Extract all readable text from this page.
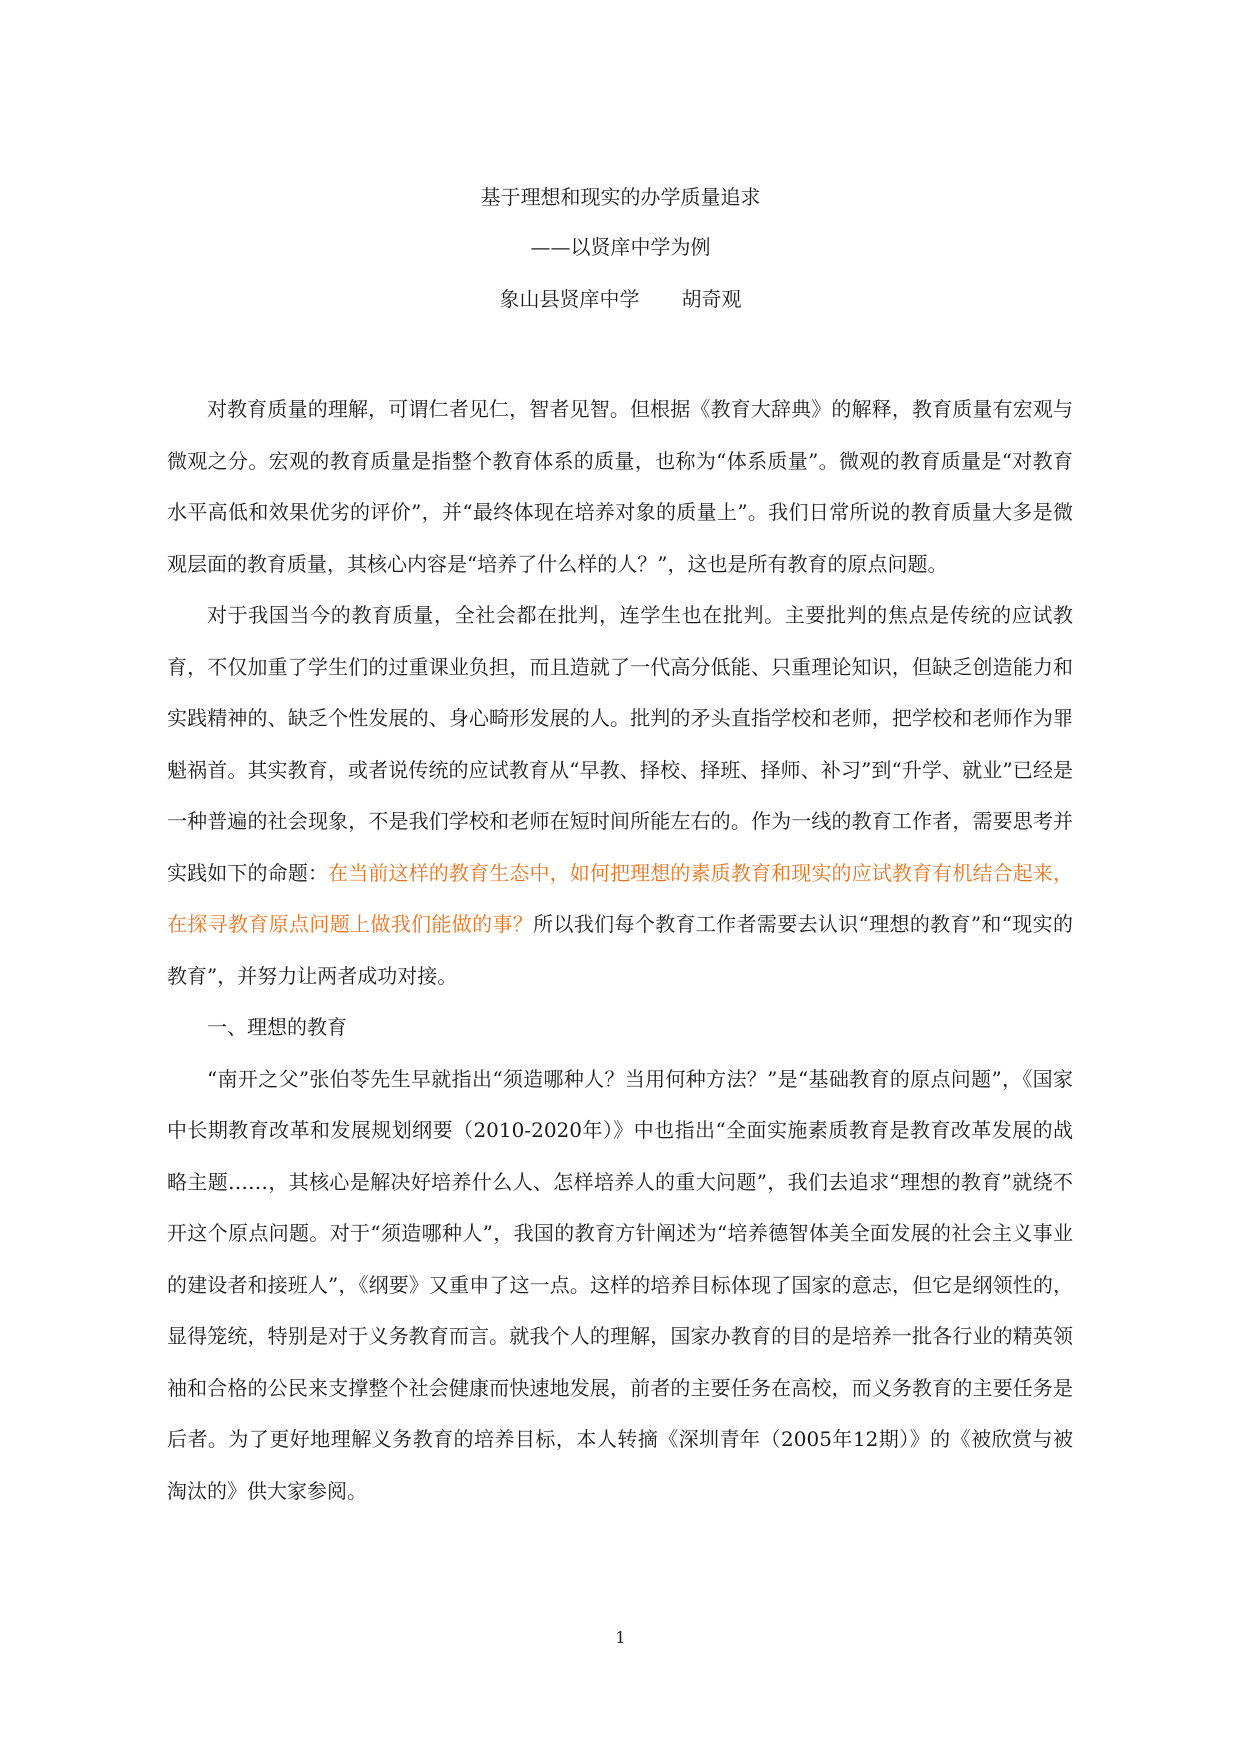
基于理想和现实的办学质量追求
——以贤庠中学为例
象山县贤庠中学 胡奇观

对教育质量的理解，可谓仁者见仁，智者见智。但根据《教育大辞典》的解释，教育质量有宏观与微观之分。宏观的教育质量是指整个教育体系的质量，也称为“体系质量”。微观的教育质量是“对教育水平高低和效果优劣的评价”，并“最终体现在培养对象的质量上”。我们日常所说的教育质量大多是微观层面的教育质量，其核心内容是“培养了什么样的人？”，这也是所有教育的原点问题。

对于我国当今的教育质量，全社会都在批判，连学生也在批判。主要批判的焦点是传统的应试教育，不仅加重了学生们的过重课业负担，而且造就了一代高分低能、只重理论知识，但缺乏创造能力和实践精神的、缺乏个性发展的、身心畸形发展的人。批判的矛头直指学校和老师，把学校和老师作为罪魁祸首。其实教育，或者说传统的应试教育从“早教、择校、择班、择师、补习”到“升学、就业”已经是一种普遍的社会现象，不是我们学校和老师在短时间所能左右的。作为一线的教育工作者，需要思考并实践如下的命题：在当前这样的教育生态中，如何把理想的素质教育和现实的应试教育有机结合起来，在探寻教育原点问题上做我们能做的事？所以我们每个教育工作者需要去认识“理想的教育”和“现实的教育”，并努力让两者成功对接。

一、理想的教育

“南开之父”张伯苓先生早就指出“须造哪种人？当用何种方法？”是“基础教育的原点问题”，《国家中长期教育改革和发展规划纲要（2010-2020年）》中也指出“全面实施素质教育是教育改革发展的战略主题……，其核心是解决好培养什么人、怎样培养人的重大问题”，我们去追求“理想的教育”就绕不开这个原点问题。对于“须造哪种人”，我国的教育方针阐述为“培养德智体美全面发展的社会主义事业的建设者和接班人”，《纲要》又重申了这一点。这样的培养目标体现了国家的意志，但它是纲领性的，显得笼统，特别是对于义务教育而言。就我个人的理解，国家办教育的目的是培养一批各行业的精英领袖和合格的公民来支撑整个社会健康而快速地发展，前者的主要任务在高校，而义务教育的主要任务是后者。为了更好地理解义务教育的培养目标，本人转摘《深圳青年（2005年12期）》的《被欣赏与被淘汰的》供大家参阅。

1
